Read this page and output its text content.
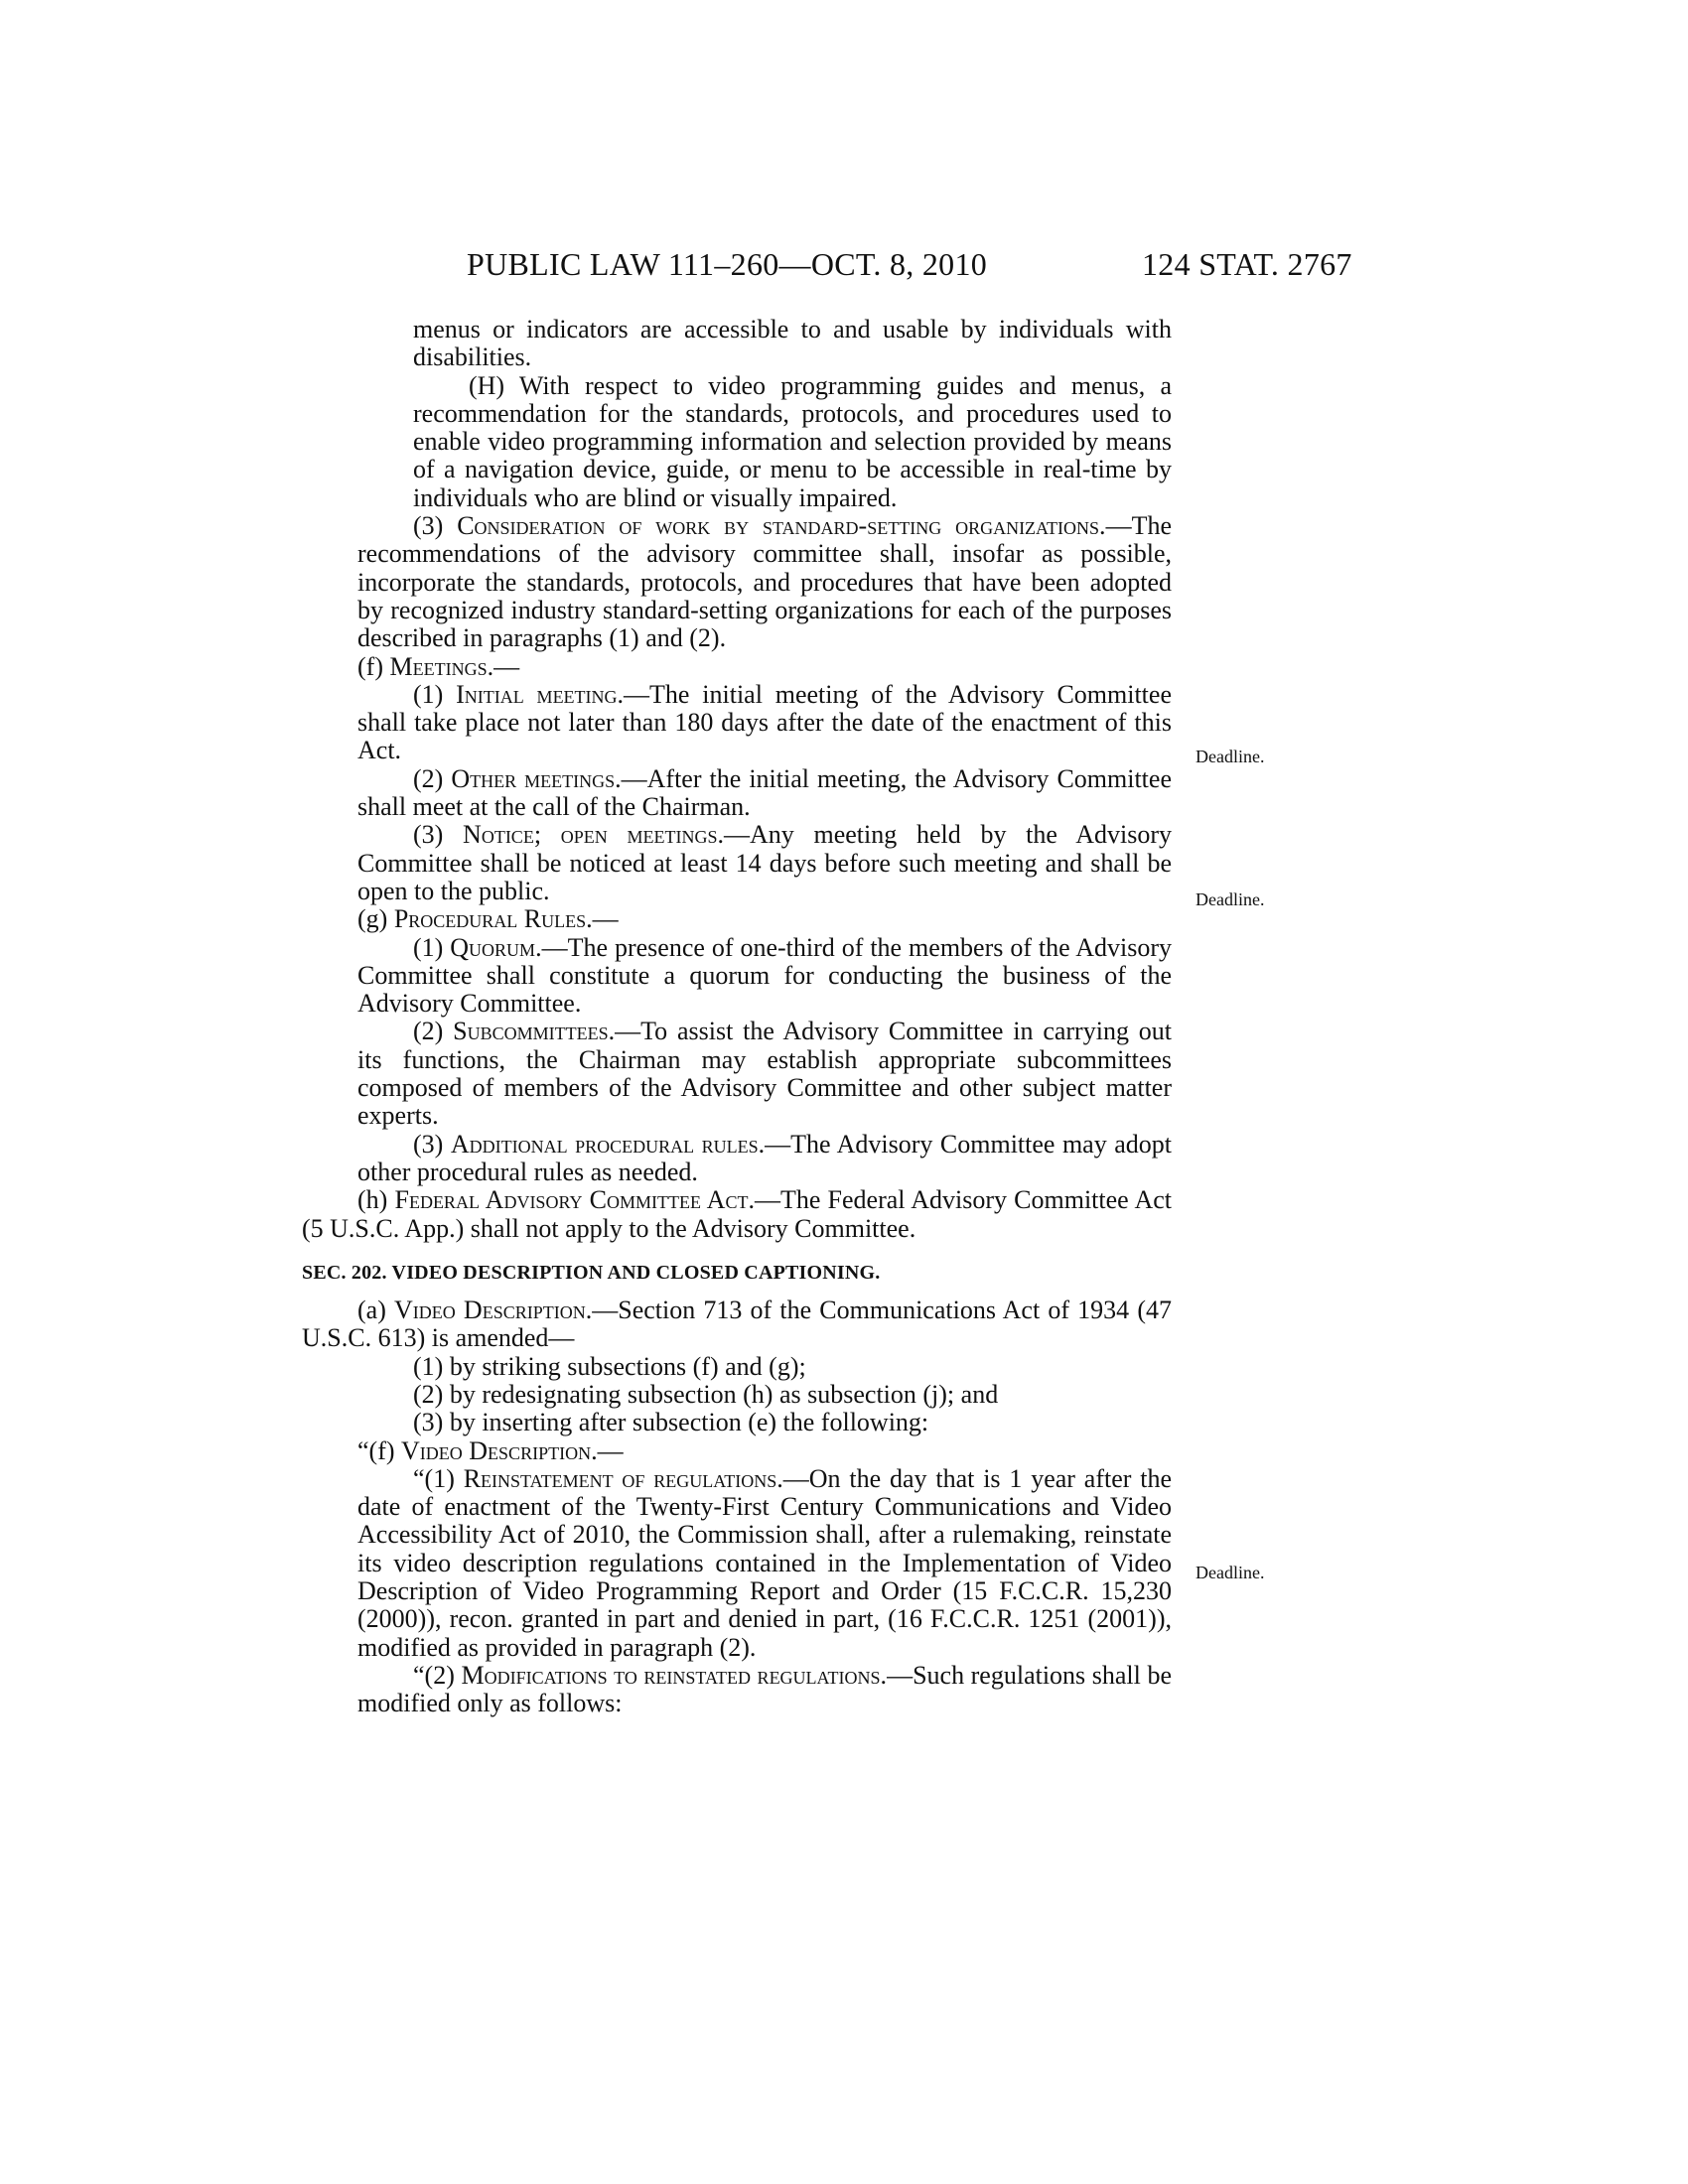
PUBLIC LAW 111–260—OCT. 8, 2010	124 STAT. 2767

menus or indicators are accessible to and usable by individuals with disabilities.

(H) With respect to video programming guides and menus, a recommendation for the standards, protocols, and procedures used to enable video programming information and selection provided by means of a navigation device, guide, or menu to be accessible in real-time by individuals who are blind or visually impaired.

(3) Consideration of work by standard-setting organizations.—The recommendations of the advisory committee shall, insofar as possible, incorporate the standards, protocols, and procedures that have been adopted by recognized industry standard-setting organizations for each of the purposes described in paragraphs (1) and (2).

(f) Meetings.—

(1) Initial meeting.—The initial meeting of the Advisory Committee shall take place not later than 180 days after the date of the enactment of this Act.

(2) Other meetings.—After the initial meeting, the Advisory Committee shall meet at the call of the Chairman.

(3) Notice; open meetings.—Any meeting held by the Advisory Committee shall be noticed at least 14 days before such meeting and shall be open to the public.

(g) Procedural Rules.—

(1) Quorum.—The presence of one-third of the members of the Advisory Committee shall constitute a quorum for conducting the business of the Advisory Committee.

(2) Subcommittees.—To assist the Advisory Committee in carrying out its functions, the Chairman may establish appropriate subcommittees composed of members of the Advisory Committee and other subject matter experts.

(3) Additional procedural rules.—The Advisory Committee may adopt other procedural rules as needed.

(h) Federal Advisory Committee Act.—The Federal Advisory Committee Act (5 U.S.C. App.) shall not apply to the Advisory Committee.

SEC. 202. VIDEO DESCRIPTION AND CLOSED CAPTIONING.

(a) Video Description.—Section 713 of the Communications Act of 1934 (47 U.S.C. 613) is amended—

(1) by striking subsections (f) and (g);

(2) by redesignating subsection (h) as subsection (j); and

(3) by inserting after subsection (e) the following:

“(f) Video Description.—

“(1) Reinstatement of regulations.—On the day that is 1 year after the date of enactment of the Twenty-First Century Communications and Video Accessibility Act of 2010, the Commission shall, after a rulemaking, reinstate its video description regulations contained in the Implementation of Video Description of Video Programming Report and Order (15 F.C.C.R. 15,230 (2000)), recon. granted in part and denied in part, (16 F.C.C.R. 1251 (2001)), modified as provided in paragraph (2).

“(2) Modifications to reinstated regulations.—Such regulations shall be modified only as follows:

Deadline.
Deadline.
Deadline.
